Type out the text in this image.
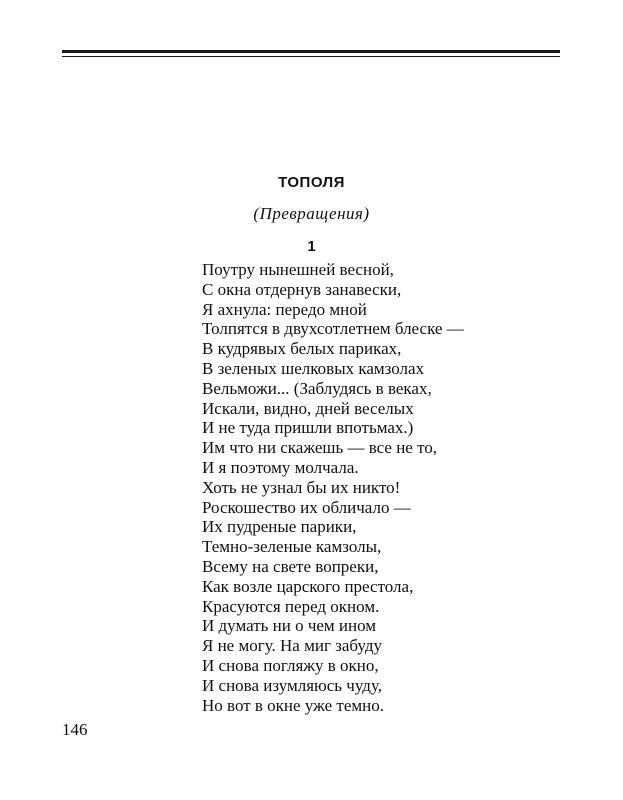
ТОПОЛЯ
(Превращения)
1
Поутру нынешней весной,
С окна отдернув занавески,
Я ахнула: передо мной
Толпятся в двухсотлетнем блеске —
В кудрявых белых париках,
В зеленых шелковых камзолах
Вельможи... (Заблудясь в веках,
Искали, видно, дней веселых
И не туда пришли впотьмах.)
Им что ни скажешь — все не то,
И я поэтому молчала.
Хоть не узнал бы их никто!
Роскошество их обличало —
Их пудреные парики,
Темно-зеленые камзолы,
Всему на свете вопреки,
Как возле царского престола,
Красуются перед окном.
И думать ни о чем ином
Я не могу. На миг забуду
И снова погляжу в окно,
И снова изумляюсь чуду,
Но вот в окне уже темно.
146
